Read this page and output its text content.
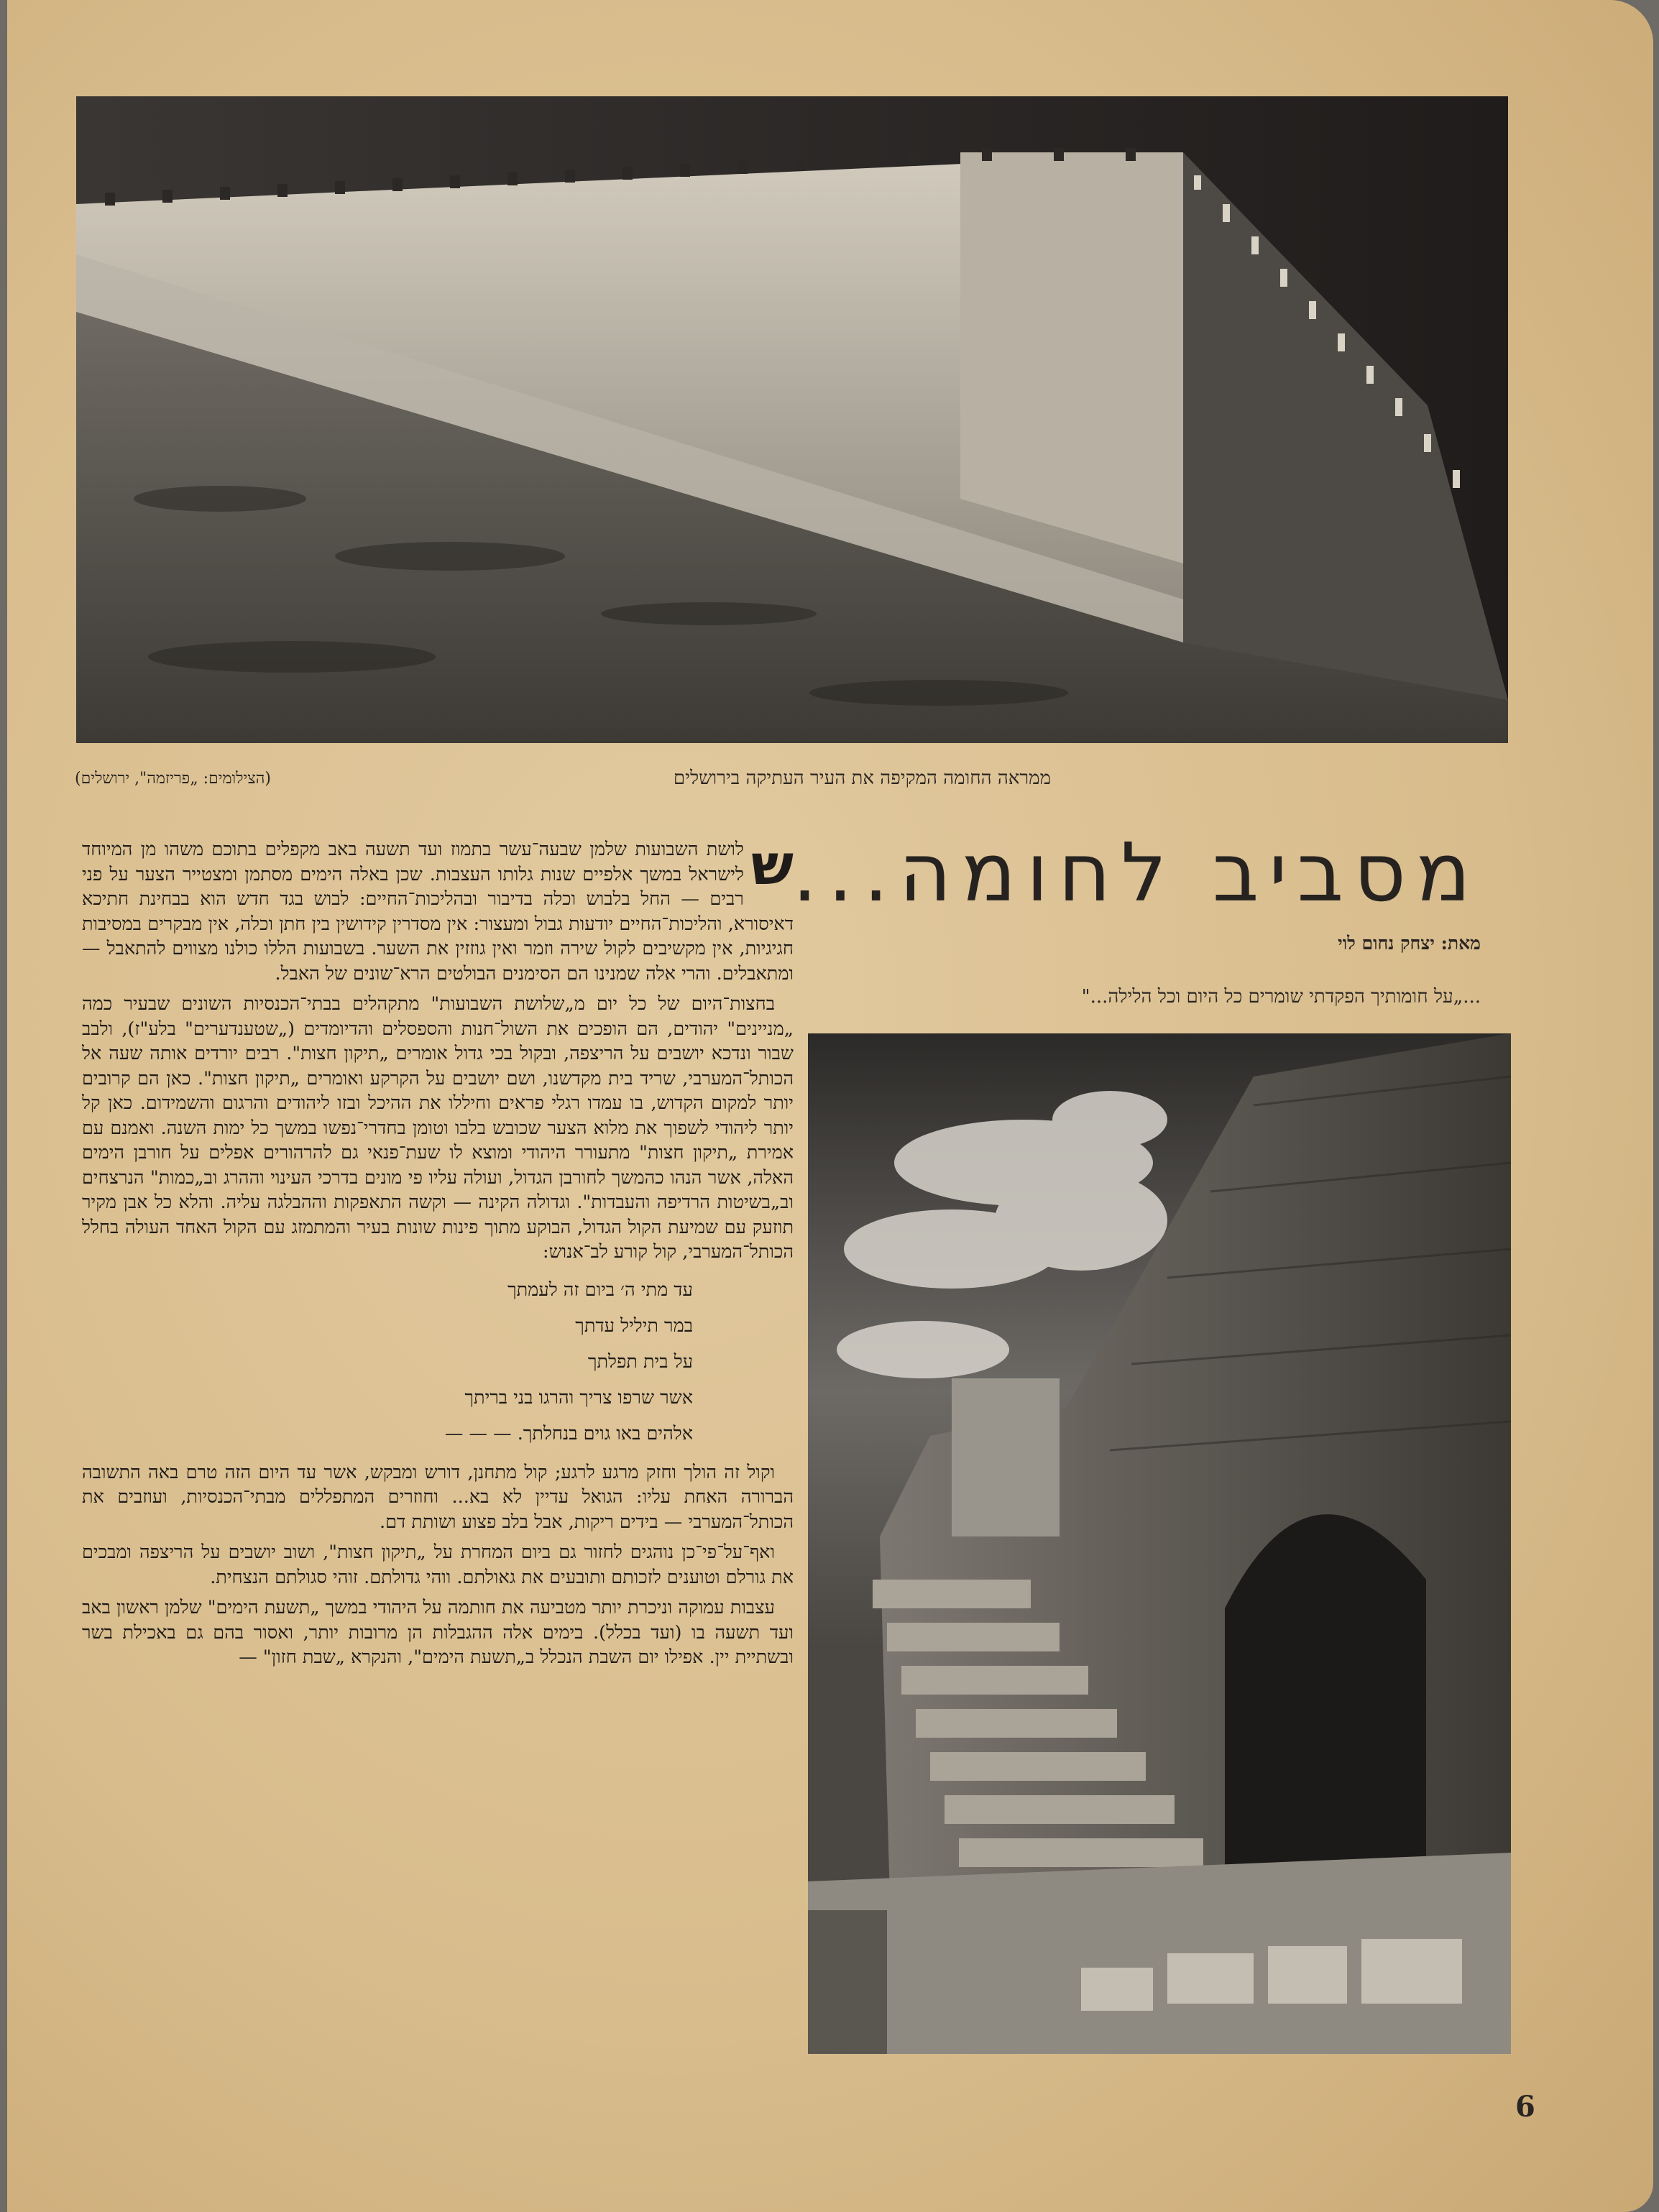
ממראה החומה המקיפה את העיר העתיקה בירושלים
(הצילומים: „פריזמה", ירושלים)
מסביב לחומה...
מאת: יצחק נחום לוי
...„על חומותיך הפקדתי שומרים כל היום וכל הלילה..."

ש
לושת השבועות שלמן שבעה־עשר בתמוז ועד תשעה באב מקפלים בתוכם משהו מן המיוחד לישראל במשך אלפיים שנות גלותו העצבות. שכן באלה הימים מסתמן ומצטייר הצער על פני רבים — החל בלבוש וכלה בדיבור ובהליכות־החיים: לבוש בגד חדש הוא בבחינת חתיכא דאיסורא, והליכות־החיים יודעות גבול ומעצור: אין מסדרין קידושין בין חתן וכלה, אין מבקרים במסיבות חגיגיות, אין מקשיבים לקול שירה וזמר ואין גוזזין את השער. בשבועות הללו כולנו מצווים להתאבל — ומתאבלים. והרי אלה שמנינו הם הסימנים הבולטים הרא־שונים של האבל.

בחצות־היום של כל יום מ„שלושת השבועות" מתקהלים בבתי־הכנסיות השונים שבעיר כמה „מניינים" יהודים, הם הופכים את השול־חנות והספסלים והדיומדים („שטענדערים" בלע"ז), ולבב שבור ונדכא יושבים על הריצפה, ובקול בכי גדול אומרים „תיקון חצות". רבים יורדים אותה שעה אל הכותל־המערבי, שריד בית מקדשנו, ושם יושבים על הקרקע ואומרים „תיקון חצות". כאן הם קרובים יותר למקום הקדוש, בו עמדו רגלי פראים וחיללו את ההיכל ובזו ליהודים והרגום והשמידום. כאן קל יותר ליהודי לשפוך את מלוא הצער שכובש בלבו וטומן בחדרי־נפשו במשך כל ימות השנה. ואמנם עם אמירת „תיקון חצות" מתעורר היהודי ומוצא לו שעת־פנאי גם להרהורים אפלים על חורבן הימים האלה, אשר הנהו כהמשך לחורבן הגדול, ועולה עליו פי מונים בדרכי העינוי וההרג וב„כמות" הנרצחים וב„בשיטות הרדיפה והעבדות". וגדולה הקינה — וקשה התאפקות וההבלגה עליה. והלא כל אבן מקיר תוזעק עם שמיעת הקול הגדול, הבוקע מתוך פינות שונות בעיר והמתמזג עם הקול האחד העולה בחלל הכותל־המערבי, קול קורע לב־אנוש:

עד מתי ה׳ ביום זה לעמתך
במר תיליל עדתך
על בית תפלתך
אשר שרפו צריך והרגו בני בריתך
אלהים באו גוים בנחלתך. — — —

וקול זה הולך וחזק מרגע לרגע; קול מתחנן, דורש ומבקש, אשר עד היום הזה טרם באה התשובה הברורה האחת עליו: הגואל עדיין לא בא... וחוזרים המתפללים מבתי־הכנסיות, ועוזבים את הכותל־המערבי — בידים ריקות, אבל בלב פצוע ושותת דם.

ואף־על־פי־כן נוהגים לחזור גם ביום המחרת על „תיקון חצות", ושוב יושבים על הריצפה ומבכים את גורלם וטוענים לזכותם ותובעים את גאולתם. ווהי גדולתם. זוהי סגולתם הנצחית.

עצבות עמוקה וניכרת יותר מטביעה את חותמה על היהודי במשך „תשעת הימים" שלמן ראשון באב ועד תשעה בו (ועד בכלל). בימים אלה ההגבלות הן מרובות יותר, ואסור בהם גם באכילת בשר ובשתיית יין. אפילו יום השבת הנכלל ב„תשעת הימים", והנקרא „שבת חזון" —

6
